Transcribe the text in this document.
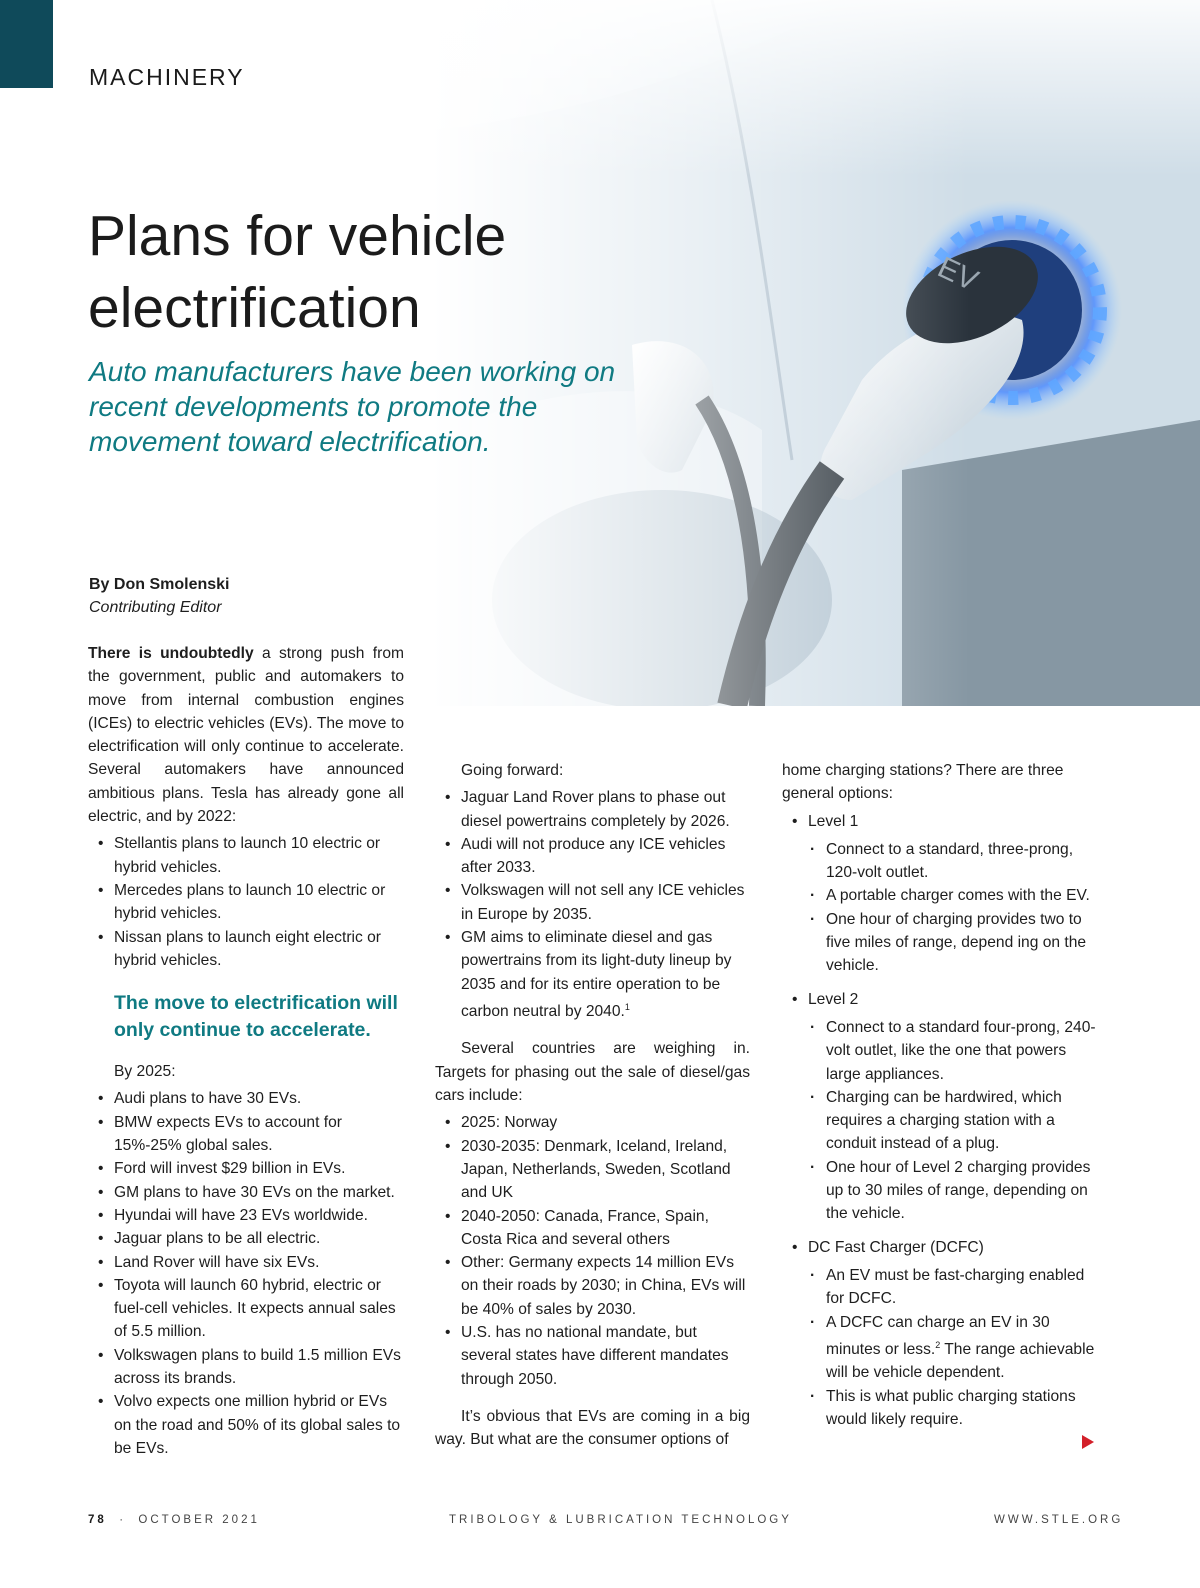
MACHINERY
Plans for vehicle
electrification

Auto manufacturers have been working on recent developments to promote the movement toward electrification.

By Don Smolenski
Contributing Editor

There is undoubtedly a strong push from the government, public and automakers to move from internal combustion engines (ICEs) to electric vehicles (EVs). The move to electrification will only continue to accelerate. Several automakers have announced ambitious plans. Tesla has already gone all electric, and by 2022:

• Stellantis plans to launch 10 electric or hybrid vehicles.
• Mercedes plans to launch 10 electric or hybrid vehicles.
• Nissan plans to launch eight electric or hybrid vehicles.
The move to electrification will only continue to accelerate.

By 2025:

• Audi plans to have 30 EVs.
• BMW expects EVs to account for 15%-25% global sales.
• Ford will invest $29 billion in EVs.
• GM plans to have 30 EVs on the market.
• Hyundai will have 23 EVs worldwide.
• Jaguar plans to be all electric.
• Land Rover will have six EVs.
• Toyota will launch 60 hybrid, electric or fuel-cell vehicles. It expects annual sales of 5.5 million.
• Volkswagen plans to build 1.5 million EVs across its brands.
• Volvo expects one million hybrid or EVs on the road and 50% of its global sales to be EVs.

Going forward:

• Jaguar Land Rover plans to phase out diesel powertrains completely by 2026.
• Audi will not produce any ICE vehicles after 2033.
• Volkswagen will not sell any ICE vehicles in Europe by 2035.
• GM aims to eliminate diesel and gas powertrains from its light-duty lineup by 2035 and for its entire operation to be carbon neutral by 2040.$^1$

Several countries are weighing in. Targets for phasing out the sale of diesel/gas cars include:

• 2025: Norway
• 2030-2035: Denmark, Iceland, Ireland, Japan, Netherlands, Sweden, Scotland and UK
• 2040-2050: Canada, France, Spain, Costa Rica and several others
• Other: Germany expects 14 million EVs on their roads by 2030; in China, EVs will be 40% of sales by 2030.
• U.S. has no national mandate, but several states have different mandates through 2050.

It’s obvious that EVs are coming in a big way. But what are the consumer options of

home charging stations? There are three general options:

• Level 1
· Connect to a standard, three-prong, 120-volt outlet.
· A portable charger comes with the EV.
· One hour of charging provides two to five miles of range, depend ing on the vehicle.
• Level 2
· Connect to a standard four-prong, 240-volt outlet, like the one that powers large appliances.
· Charging can be hardwired, which requires a charging station with a conduit instead of a plug.
· One hour of Level 2 charging provides up to 30 miles of range, depending on the vehicle.
• DC Fast Charger (DCFC)
· An EV must be fast-charging enabled for DCFC.
· A DCFC can charge an EV in 30 minutes or less.$^2$ The range achievable will be vehicle dependent.
· This is what public charging stations would likely require.
78 · OCTOBER 2021	TRIBOLOGY & LUBRICATION TECHNOLOGY	WWW.STLE.ORG
